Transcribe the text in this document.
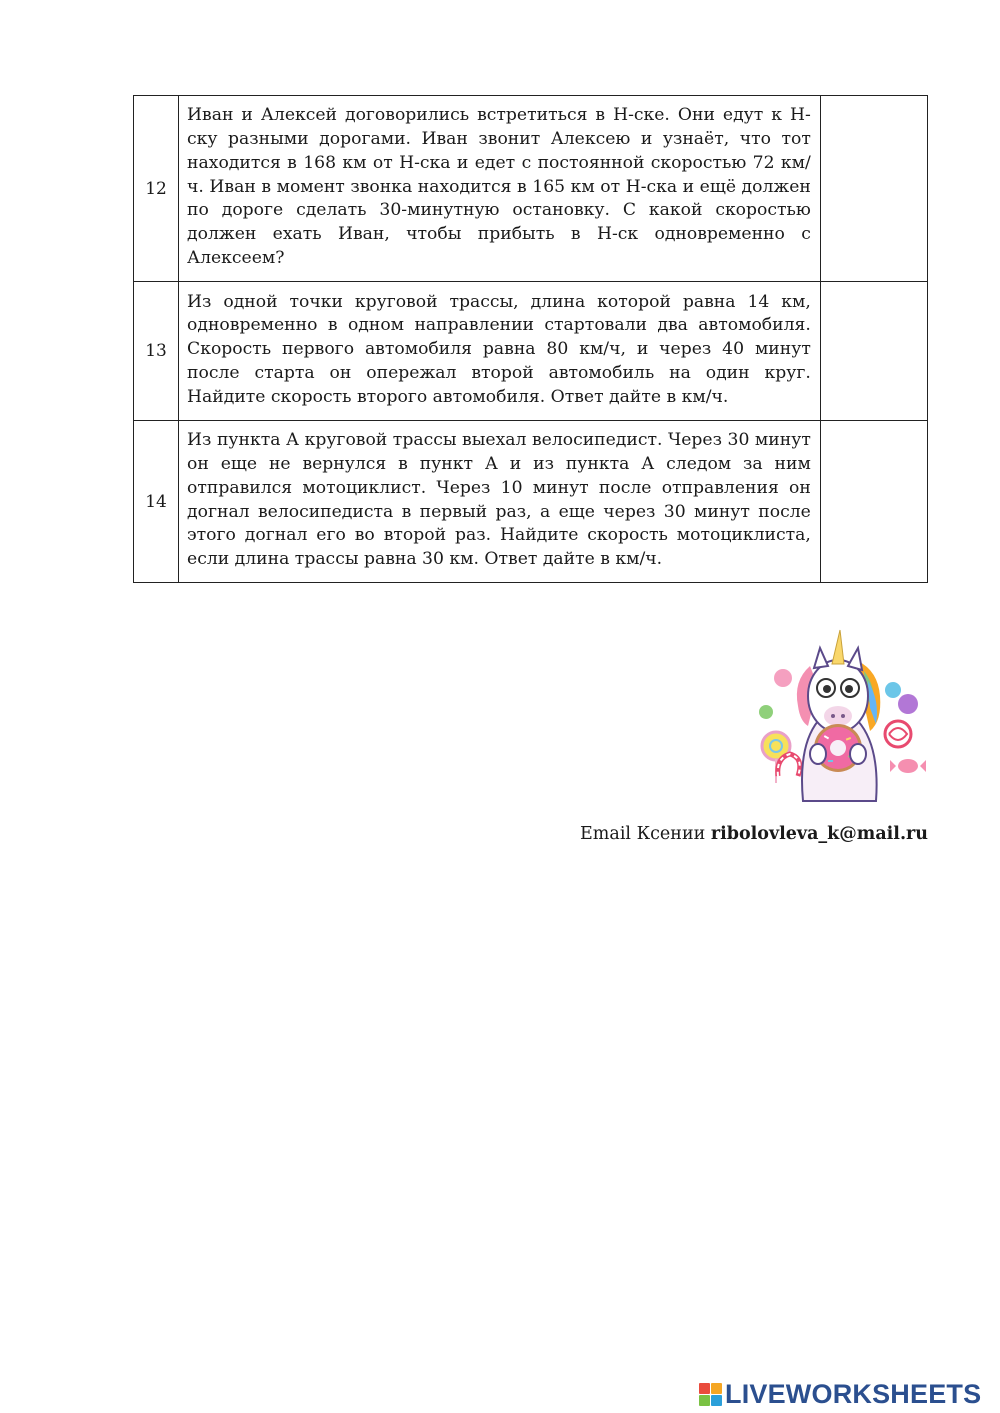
12	Иван и Алексей договорились встретиться в Н-ске. Они едут к Н-ску разными дорогами. Иван звонит Алексею и узнаёт, что тот находится в 168 км от Н-ска и едет с постоянной скоростью 72 км/ч. Иван в момент звонка находится в 165 км от Н-ска и ещё должен по дороге сделать 30-минутную остановку. С какой скоростью должен ехать Иван, чтобы прибыть в Н-ск одновременно с Алексеем?	
13	Из одной точки круговой трассы, длина которой равна 14 км, одновременно в одном направлении стартовали два автомобиля. Скорость первого автомобиля равна 80 км/ч, и через 40 минут после старта он опережал второй автомобиль на один круг. Найдите скорость второго автомобиля. Ответ дайте в км/ч.	
14	Из пункта А круговой трассы выехал велосипедист. Через 30 минут он еще не вернулся в пункт А и из пункта А следом за ним отправился мотоциклист. Через 10 минут после отправления он догнал велосипедиста в первый раз, а еще через 30 минут после этого догнал его во второй раз. Найдите скорость мотоциклиста, если длина трассы равна 30 км. Ответ дайте в км/ч.	
Email Ксении ribolovleva_k@mail.ru
LIVEWORKSHEETS
